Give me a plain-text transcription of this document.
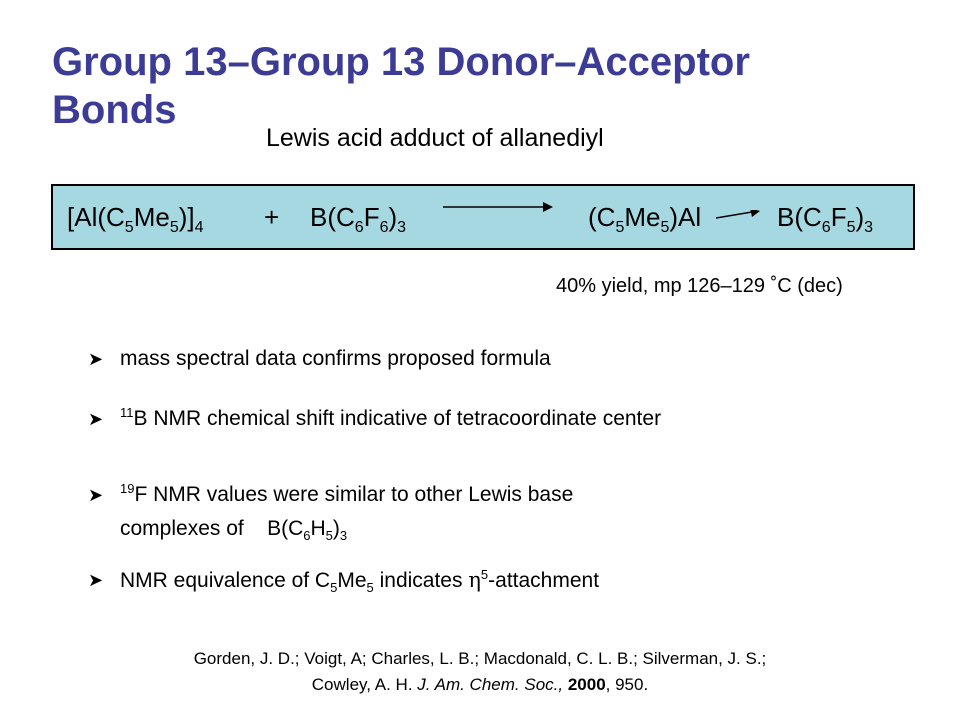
Group 13–Group 13 Donor–Acceptor Bonds
Lewis acid adduct of allanediyl
$[Al(C_5Me_5)]_4 + B(C_6F_6)_3$	$(C_5Me_5)Al$	$B(C_6F_5)_3$
40% yield, mp 126–129 ˚C (dec)
➤ mass spectral data confirms proposed formula
➤ $^{11}$B NMR chemical shift indicative of tetracoordinate center
➤ $^{19}$F NMR values were similar to other Lewis base
complexes of    $B(C_6H_5)_3$
➤ NMR equivalence of $C_5Me_5$ indicates $\eta^5$-attachment
Gorden, J. D.; Voigt, A; Charles, L. B.; Macdonald, C. L. B.; Silverman, J. S.;
Cowley, A. H. J. Am. Chem. Soc., 2000, 950.
